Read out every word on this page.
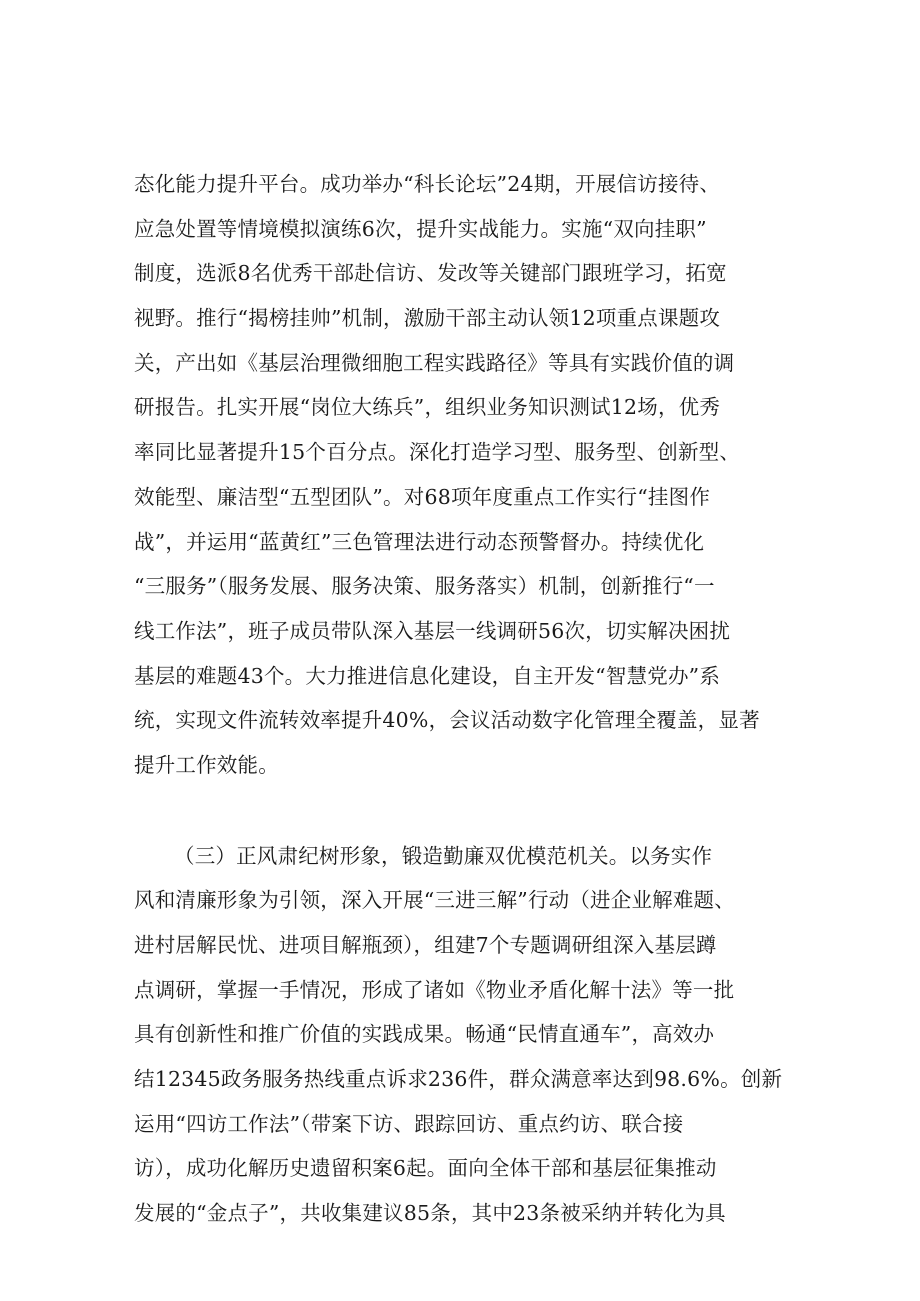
态化能力提升平台。成功举办“科长论坛”24期，开展信访接待、
应急处置等情境模拟演练6次，提升实战能力。实施“双向挂职”
制度，选派8名优秀干部赴信访、发改等关键部门跟班学习，拓宽
视野。推行“揭榜挂帅”机制，激励干部主动认领12项重点课题攻
关，产出如《基层治理微细胞工程实践路径》等具有实践价值的调
研报告。扎实开展“岗位大练兵”，组织业务知识测试12场，优秀
率同比显著提升15个百分点。深化打造学习型、服务型、创新型、
效能型、廉洁型“五型团队”。对68项年度重点工作实行“挂图作
战”，并运用“蓝黄红”三色管理法进行动态预警督办。持续优化
“三服务”（服务发展、服务决策、服务落实）机制，创新推行“一
线工作法”，班子成员带队深入基层一线调研56次，切实解决困扰
基层的难题43个。大力推进信息化建设，自主开发“智慧党办”系
统，实现文件流转效率提升40%，会议活动数字化管理全覆盖，显著
提升工作效能。
（三）正风肃纪树形象，锻造勤廉双优模范机关。以务实作
风和清廉形象为引领，深入开展“三进三解”行动（进企业解难题、
进村居解民忧、进项目解瓶颈），组建7个专题调研组深入基层蹲
点调研，掌握一手情况，形成了诸如《物业矛盾化解十法》等一批
具有创新性和推广价值的实践成果。畅通“民情直通车”，高效办
结12345政务服务热线重点诉求236件，群众满意率达到98.6%。创新
运用“四访工作法”（带案下访、跟踪回访、重点约访、联合接
访），成功化解历史遗留积案6起。面向全体干部和基层征集推动
发展的“金点子”，共收集建议85条，其中23条被采纳并转化为具
